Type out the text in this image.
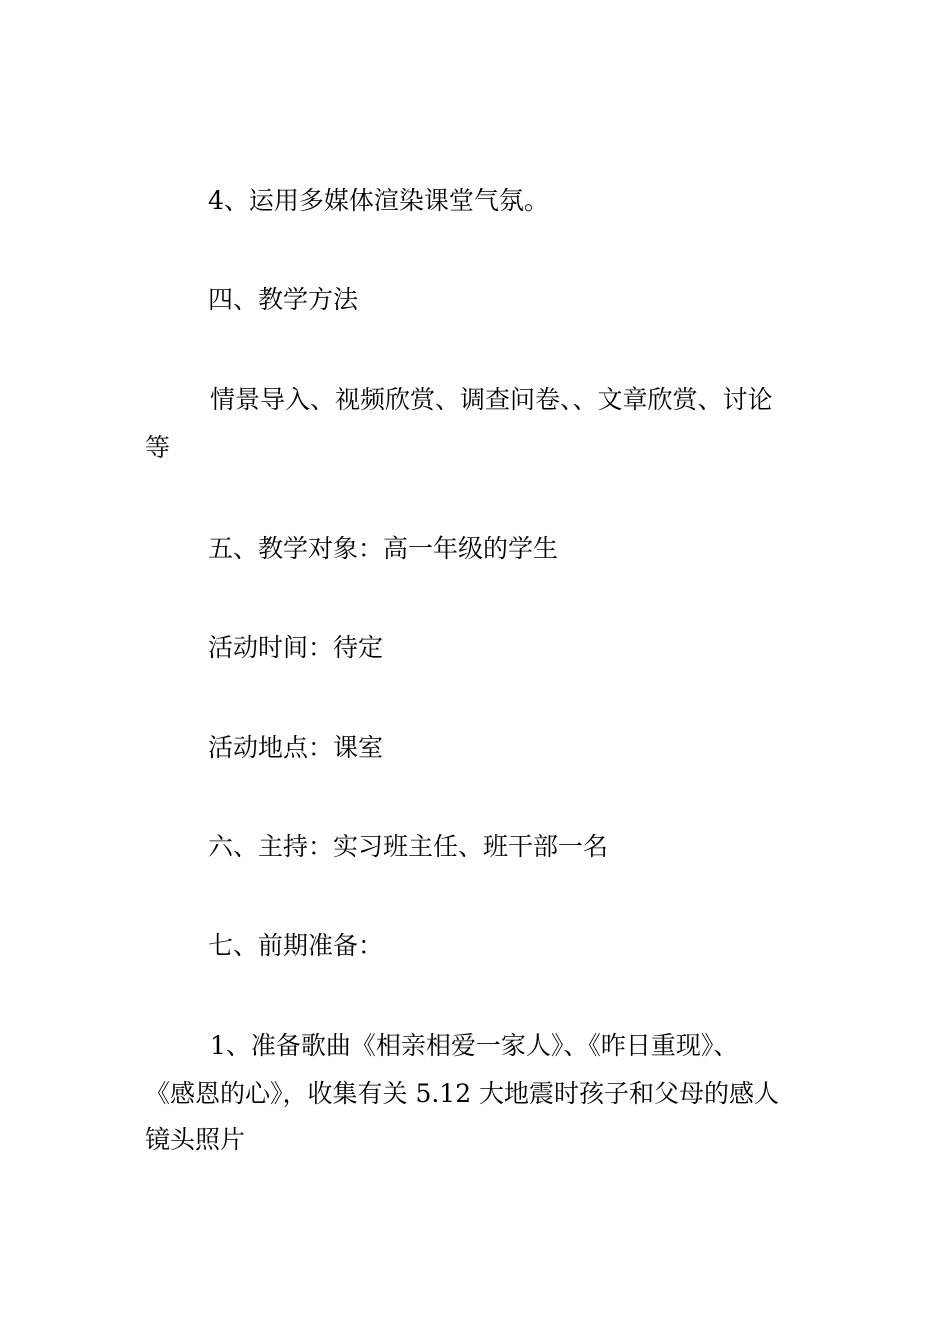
4、运用多媒体渲染课堂气氛。

四、教学方法

情景导入、视频欣赏、调查问卷、、文章欣赏、讨论
等

五、教学对象：高一年级的学生

活动时间：待定

活动地点：课室

六、主持：实习班主任、班干部一名

七、前期准备：

1、准备歌曲《相亲相爱一家人》、《昨日重现》、
《感恩的心》，收集有关 5.12 大地震时孩子和父母的感人
镜头照片
